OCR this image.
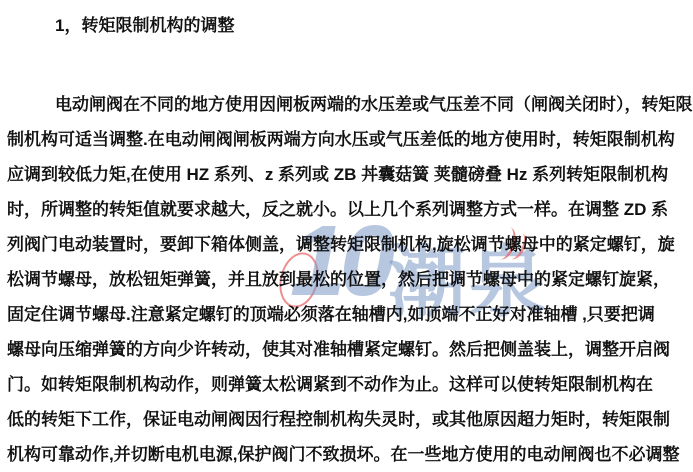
10
潮泉
1，转矩限制机构的调整
电动闸阀在不同的地方使用因闸板两端的水压差或气压差不同（闸阀关闭时），转矩限
制机构可适当调整.在电动闸阀闸板两端方向水压或气压差低的地方使用时，转矩限制机构
应调到较低力矩,在使用 HZ 系列、z 系列或 ZB 丼囊菇簧 荚髓磅叠 Hz 系列转矩限制机构
时，所调整的转矩值就要求越大，反之就小。以上几个系列调整方式一样。在调整 ZD 系
列阀门电动装置时，要卸下箱体侧盖，调整转矩限制机构,旋松调节螺母中的紧定螺钉，旋
松调节螺母，放松钮矩弹簧，并且放到最松的位置，然后把调节螺母中的紧定螺钉旋紧，
固定住调节螺母.注意紧定螺钉的顶端必须落在轴槽内,如顶端不正好对准轴槽 ,只要把调
螺母向压缩弹簧的方向少许转动，使其对准轴槽紧定螺钉。然后把侧盖装上，调整开启阀
门。如转矩限制机构动作，则弹簧太松调紧到不动作为止。这样可以使转矩限制机构在
低的转矩下工作，保证电动闸阀因行程控制机构失灵时，或其他原因超力矩时，转矩限制
机构可靠动作,并切断电机电源,保护阀门不致损坏。在一些地方使用的电动闸阀也不必调整
